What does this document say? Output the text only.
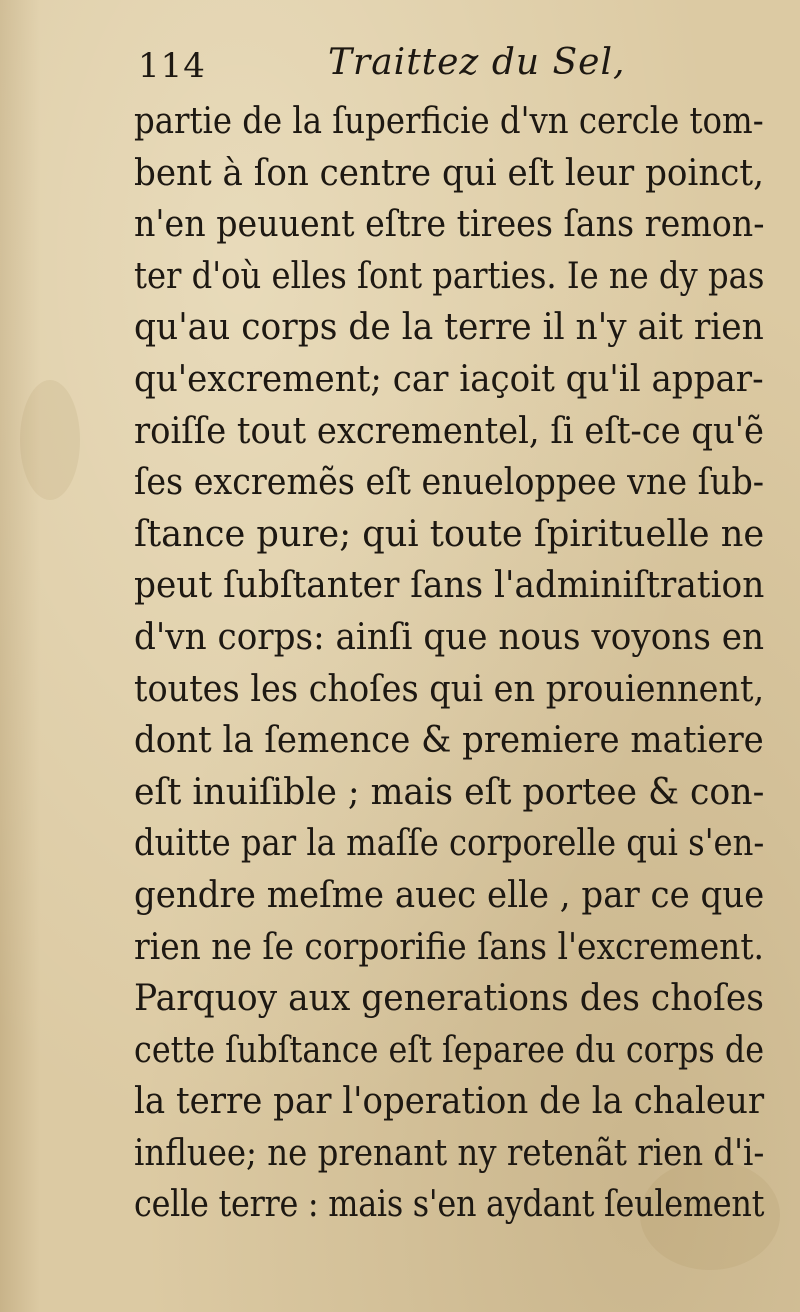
114	Traittez du Sel,
partie de la ſuperficie d'vn cercle tom-
bent à ſon centre qui eſt leur poinct,
n'en peuuent eſtre tirees ſans remon-
ter d'où elles ſont parties. Ie ne dy pas
qu'au corps de la terre il n'y ait rien
qu'excrement; car iaçoit qu'il appar-
roiſſe tout excrementel, ſi eſt-ce qu'ẽ
ſes excremẽs eſt enueloppee vne ſub-
ſtance pure; qui toute ſpirituelle ne
peut ſubſtanter ſans l'adminiſtration
d'vn corps: ainſi que nous voyons en
toutes les choſes qui en prouiennent,
dont la ſemence & premiere matiere
eſt inuiſible ; mais eſt portee & con-
duitte par la maſſe corporelle qui s'en-
gendre meſme auec elle , par ce que
rien ne ſe corporifie ſans l'excrement.
Parquoy aux generations des choſes
cette ſubſtance eſt ſeparee du corps de
la terre par l'operation de la chaleur
influee; ne prenant ny retenãt rien d'i-
celle terre : mais s'en aydant ſeulement
